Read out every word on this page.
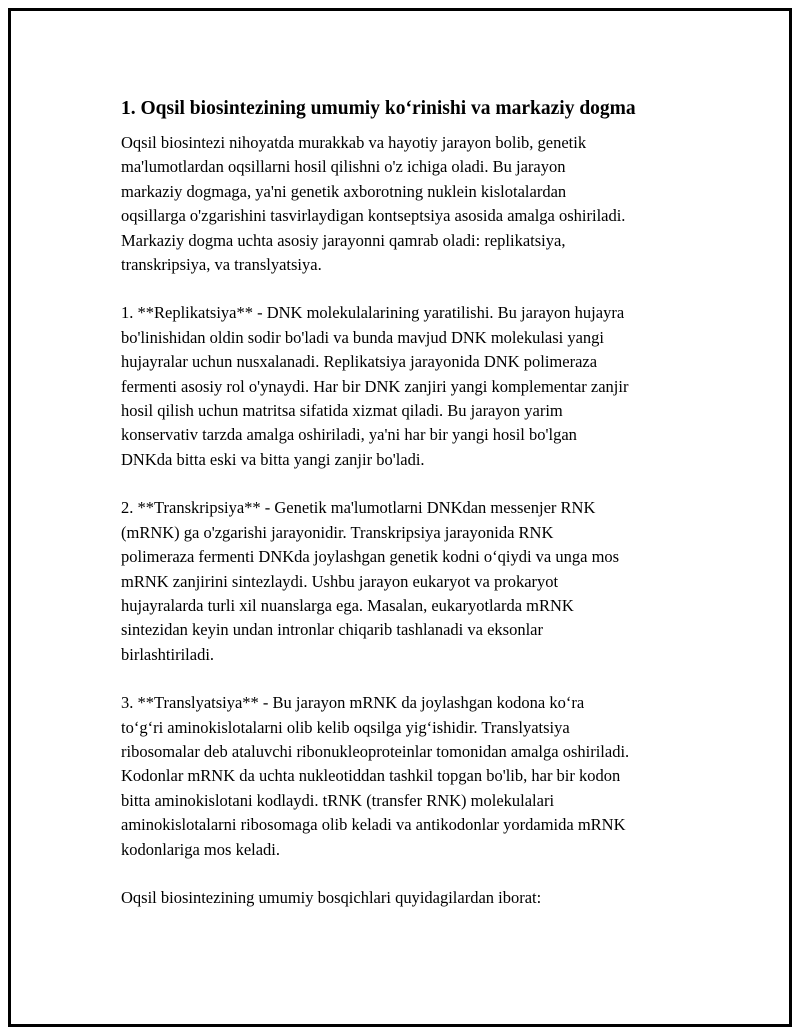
1. Oqsil biosintezining umumiy ko‘rinishi va markaziy dogma

Oqsil biosintezi nihoyatda murakkab va hayotiy jarayon bolib, genetik
ma'lumotlardan oqsillarni hosil qilishni o'z ichiga oladi. Bu jarayon
markaziy dogmaga, ya'ni genetik axborotning nuklein kislotalardan
oqsillarga o'zgarishini tasvirlaydigan kontseptsiya asosida amalga oshiriladi.
Markaziy dogma uchta asosiy jarayonni qamrab oladi: replikatsiya,
transkripsiya, va translyatsiya.

1. **Replikatsiya** - DNK molekulalarining yaratilishi. Bu jarayon hujayra
bo'linishidan oldin sodir bo'ladi va bunda mavjud DNK molekulasi yangi
hujayralar uchun nusxalanadi. Replikatsiya jarayonida DNK polimeraza
fermenti asosiy rol o'ynaydi. Har bir DNK zanjiri yangi komplementar zanjir
hosil qilish uchun matritsa sifatida xizmat qiladi. Bu jarayon yarim
konservativ tarzda amalga oshiriladi, ya'ni har bir yangi hosil bo'lgan
DNKda bitta eski va bitta yangi zanjir bo'ladi.

2. **Transkripsiya** - Genetik ma'lumotlarni DNKdan messenjer RNK
(mRNK) ga o'zgarishi jarayonidir. Transkripsiya jarayonida RNK
polimeraza fermenti DNKda joylashgan genetik kodni o‘qiydi va unga mos
mRNK zanjirini sintezlaydi. Ushbu jarayon eukaryot va prokaryot
hujayralarda turli xil nuanslarga ega. Masalan, eukaryotlarda mRNK
sintezidan keyin undan intronlar chiqarib tashlanadi va eksonlar
birlashtiriladi.

3. **Translyatsiya** - Bu jarayon mRNK da joylashgan kodona ko‘ra
to‘g‘ri aminokislotalarni olib kelib oqsilga yig‘ishidir. Translyatsiya
ribosomalar deb ataluvchi ribonukleoproteinlar tomonidan amalga oshiriladi.
Kodonlar mRNK da uchta nukleotiddan tashkil topgan bo'lib, har bir kodon
bitta aminokislotani kodlaydi. tRNK (transfer RNK) molekulalari
aminokislotalarni ribosomaga olib keladi va antikodonlar yordamida mRNK
kodonlariga mos keladi.

Oqsil biosintezining umumiy bosqichlari quyidagilardan iborat:
